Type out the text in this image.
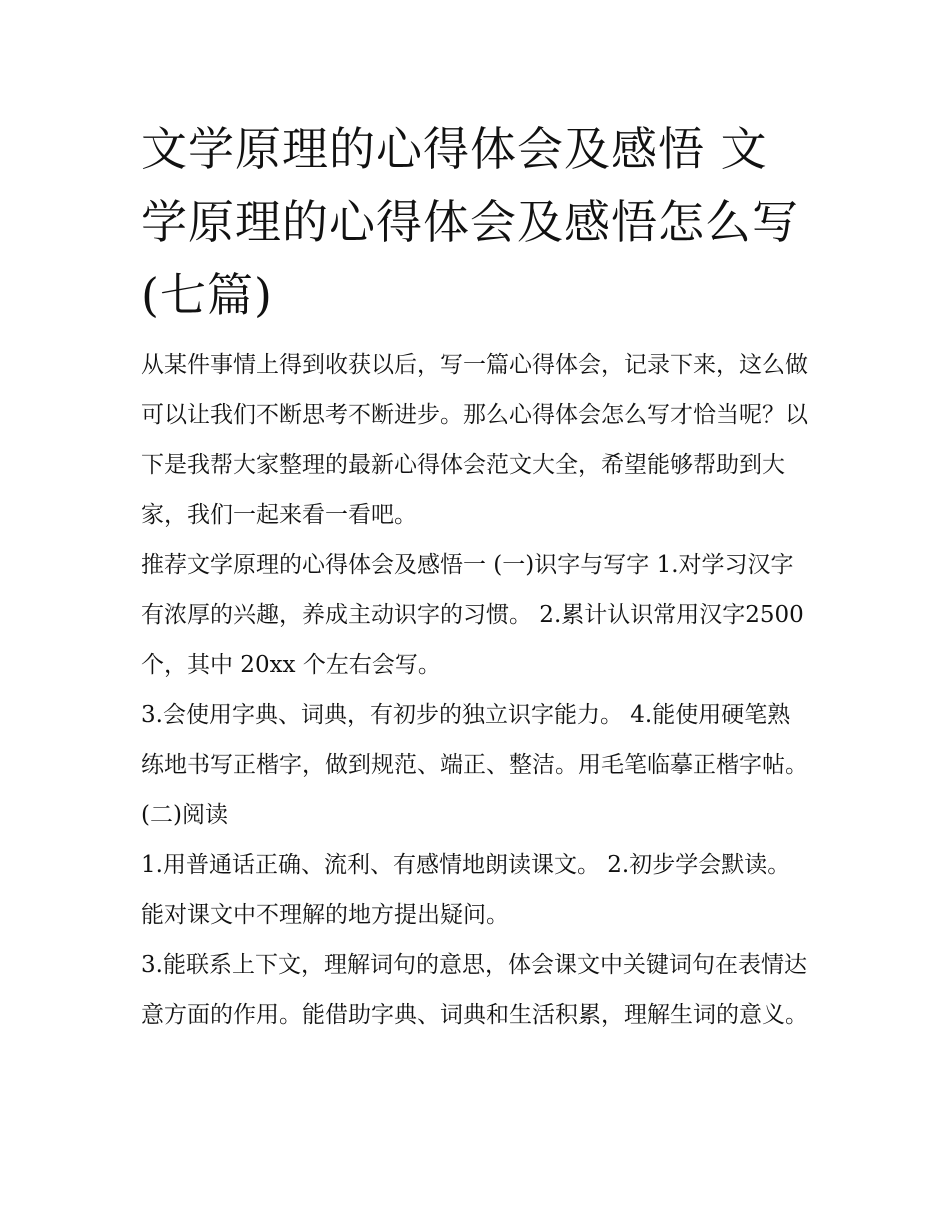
文学原理的心得体会及感悟 文学原理的心得体会及感悟怎么写(七篇)

从某件事情上得到收获以后，写一篇心得体会，记录下来，这么做可以让我们不断思考不断进步。那么心得体会怎么写才恰当呢？以下是我帮大家整理的最新心得体会范文大全，希望能够帮助到大家，我们一起来看一看吧。

推荐文学原理的心得体会及感悟一 (一)识字与写字 1.对学习汉字有浓厚的兴趣，养成主动识字的习惯。 2.累计认识常用汉字2500 个，其中 20xx 个左右会写。

3.会使用字典、词典，有初步的独立识字能力。 4.能使用硬笔熟练地书写正楷字，做到规范、端正、整洁。用毛笔临摹正楷字帖。 (二)阅读

1.用普通话正确、流利、有感情地朗读课文。 2.初步学会默读。能对课文中不理解的地方提出疑问。

3.能联系上下文，理解词句的意思，体会课文中关键词句在表情达意方面的作用。能借助字典、词典和生活积累，理解生词的意义。
